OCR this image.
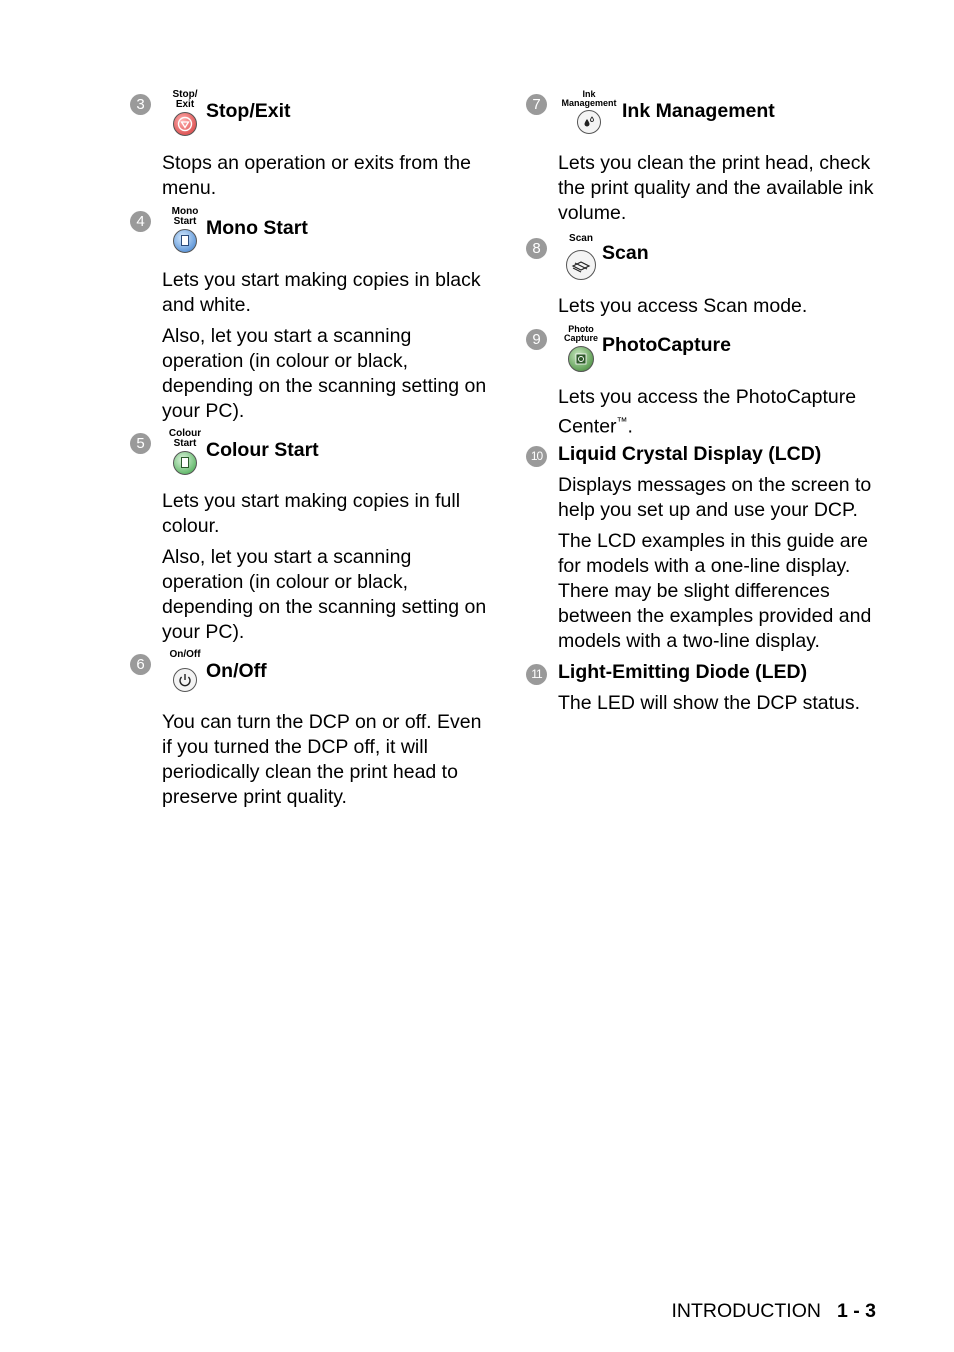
3
Stop/
Exit Stop/Exit

Stops an operation or exits from the menu.

4
Mono
Start Mono Start

Lets you start making copies in black and white.

Also, let you start a scanning operation (in colour or black, depending on the scanning setting on your PC).

5
Colour
Start Colour Start

Lets you start making copies in full colour.

Also, let you start a scanning operation (in colour or black, depending on the scanning setting on your PC).

6
On/Off
On/Off

You can turn the DCP on or off. Even if you turned the DCP off, it will periodically clean the print head to preserve print quality.

7
Ink
Management Ink Management

Lets you clean the print head, check the print quality and the available ink volume.

8
Scan
Scan

Lets you access Scan mode.

9
Photo
Capture PhotoCapture

Lets you access the PhotoCapture Center™.

10 Liquid Crystal Display (LCD)

Displays messages on the screen to help you set up and use your DCP.

The LCD examples in this guide are for models with a one-line display. There may be slight differences between the examples provided and models with a two-line display.

11 Light-Emitting Diode (LED)

The LED will show the DCP status.

INTRODUCTION 1 - 3
